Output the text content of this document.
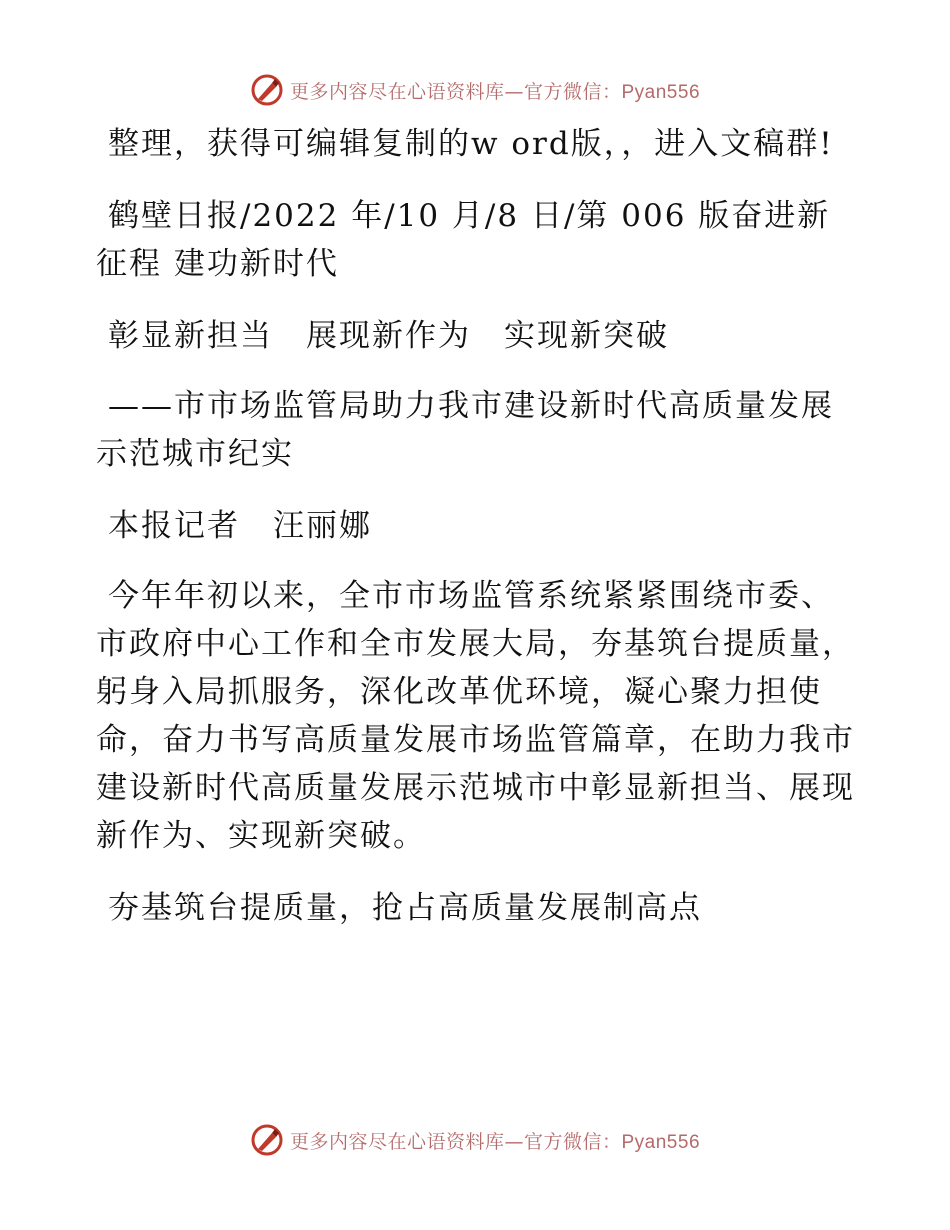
更多内容尽在心语资料库—官方微信：Pyan556

整理，获得可编辑复制的w ord版，，进入文稿群!

鹤壁日报/2022 年/10 月/8 日/第 006 版奋进新征程 建功新时代

彰显新担当　展现新作为　实现新突破

——市市场监管局助力我市建设新时代高质量发展示范城市纪实

本报记者　汪丽娜

今年年初以来，全市市场监管系统紧紧围绕市委、市政府中心工作和全市发展大局，夯基筑台提质量，躬身入局抓服务，深化改革优环境，凝心聚力担使命，奋力书写高质量发展市场监管篇章，在助力我市建设新时代高质量发展示范城市中彰显新担当、展现新作为、实现新突破。

夯基筑台提质量，抢占高质量发展制高点

更多内容尽在心语资料库—官方微信：Pyan556
